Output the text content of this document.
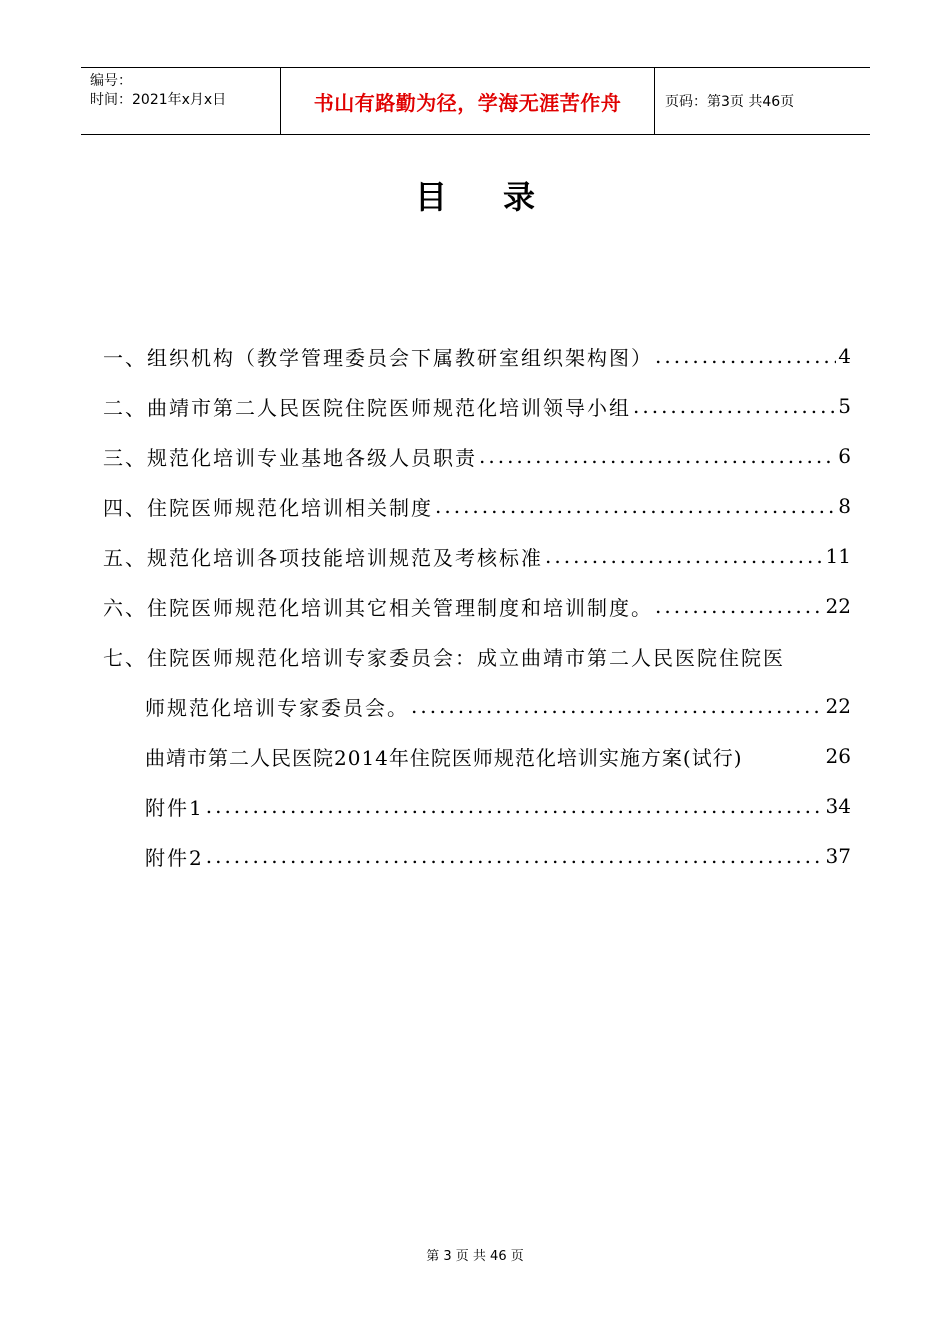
编号：
时间：2021年x月x日	书山有路勤为径，学海无涯苦作舟	页码：第3页 共46页
目 录
一、组织机构（教学管理委员会下属教研室组织架构图） .....	4
二、曲靖市第二人民医院住院医师规范化培训领导小组 .....	5
三、规范化培训专业基地各级人员职责 .....	6
四、住院医师规范化培训相关制度 .....	8
五、规范化培训各项技能培训规范及考核标准 .....	11
六、住院医师规范化培训其它相关管理制度和培训制度。 .....	22
七、住院医师规范化培训专家委员会：成立曲靖市第二人民医院住院医
师规范化培训专家委员会。 .....	22
曲靖市第二人民医院2014年住院医师规范化培训实施方案(试行)	26
附件1 .....	34
附件2 .....	37
第 3 页 共 46 页
